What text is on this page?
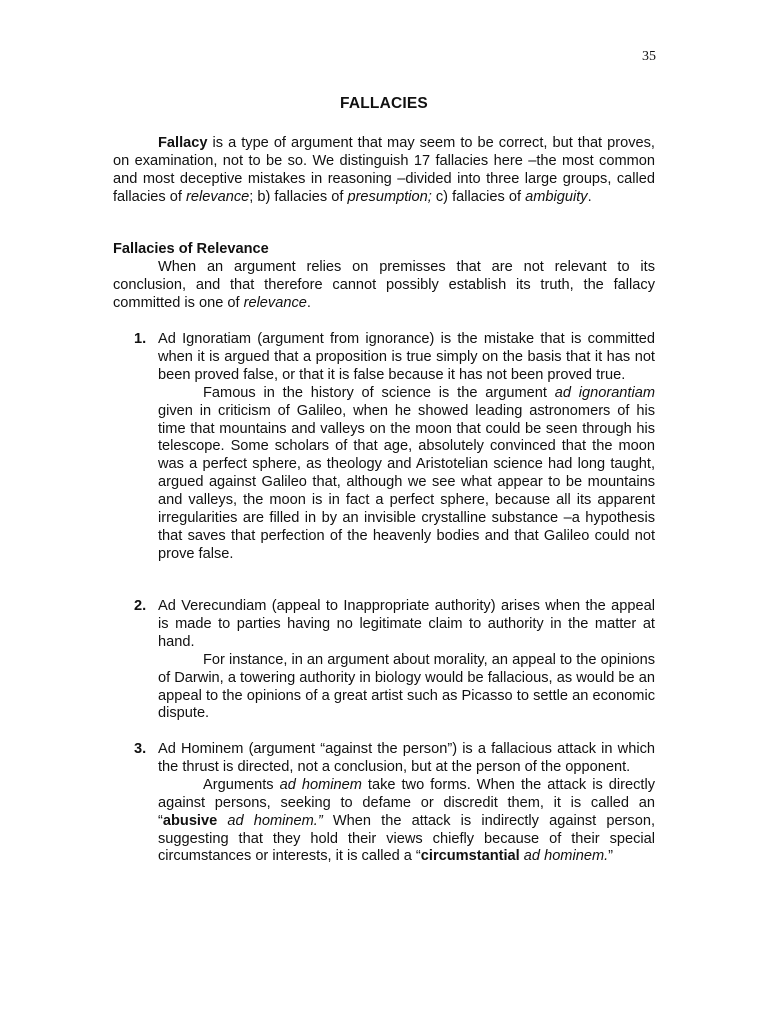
35
FALLACIES

Fallacy is a type of argument that may seem to be correct, but that proves, on examination, not to be so. We distinguish 17 fallacies here –the most common and most deceptive mistakes in reasoning –divided into three large groups, called fallacies of relevance; b) fallacies of presumption; c) fallacies of ambiguity.

Fallacies of Relevance

When an argument relies on premisses that are not relevant to its conclusion, and that therefore cannot possibly establish its truth, the fallacy committed is one of relevance.

1. Ad Ignoratiam (argument from ignorance) is the mistake that is committed when it is argued that a proposition is true simply on the basis that it has not been proved false, or that it is false because it has not been proved true.

Famous in the history of science is the argument ad ignorantiam given in criticism of Galileo, when he showed leading astronomers of his time that mountains and valleys on the moon that could be seen through his telescope. Some scholars of that age, absolutely convinced that the moon was a perfect sphere, as theology and Aristotelian science had long taught, argued against Galileo that, although we see what appear to be mountains and valleys, the moon is in fact a perfect sphere, because all its apparent irregularities are filled in by an invisible crystalline substance –a hypothesis that saves that perfection of the heavenly bodies and that Galileo could not prove false.

2. Ad Verecundiam (appeal to Inappropriate authority) arises when the appeal is made to parties having no legitimate claim to authority in the matter at hand.

For instance, in an argument about morality, an appeal to the opinions of Darwin, a towering authority in biology would be fallacious, as would be an appeal to the opinions of a great artist such as Picasso to settle an economic dispute.

3. Ad Hominem (argument “against the person”) is a fallacious attack in which the thrust is directed, not a conclusion, but at the person of the opponent.

Arguments ad hominem take two forms. When the attack is directly against persons, seeking to defame or discredit them, it is called an “abusive ad hominem.” When the attack is indirectly against person, suggesting that they hold their views chiefly because of their special circumstances or interests, it is called a “circumstantial ad hominem.”
